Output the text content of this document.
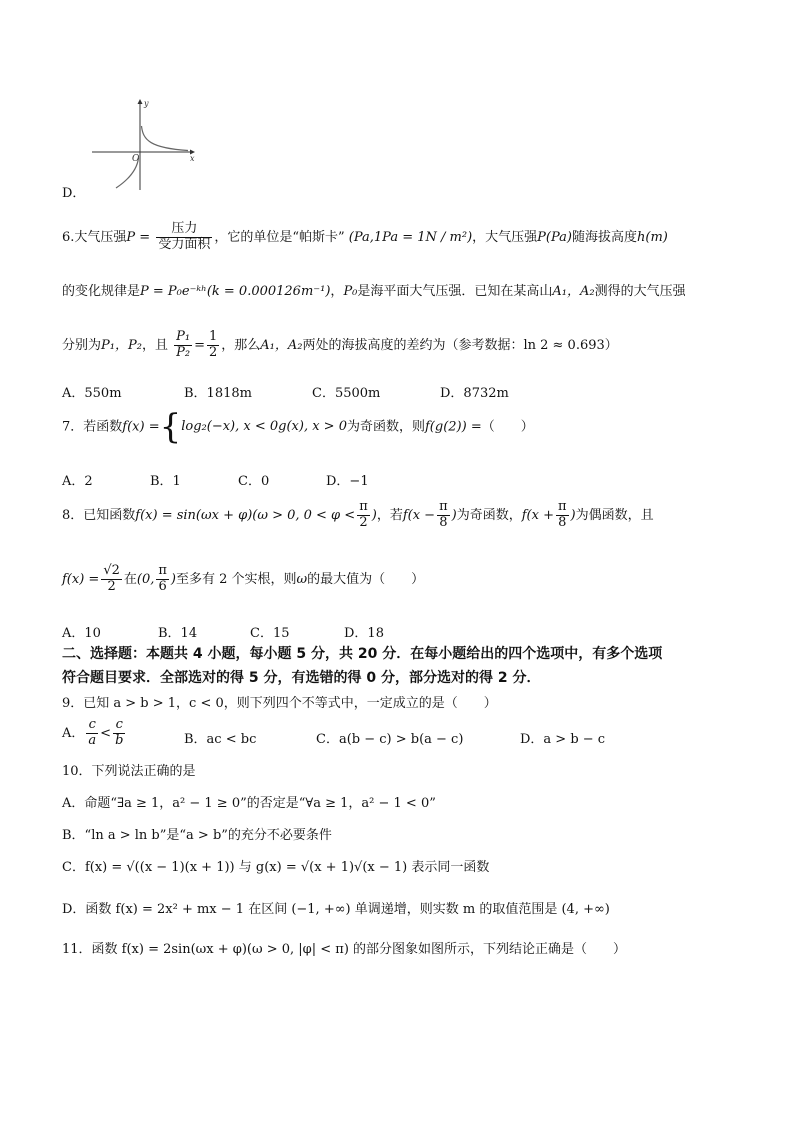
O	x
y
D．
6.大气压强$P = \frac{\text{压力}}{\text{受力面积}}$ ，它的单位是“帕斯卡” (Pa,1Pa = 1N / m²)，大气压强P(Pa)随海拔高度h(m)
的变化规律是P = P₀e⁻ᵏʰ(k = 0.000126m⁻¹)，P₀是海平面大气压强．已知在某高山A₁，A₂测得的大气压强
分别为P₁，P₂，且 $\frac{\text{P₁}}{\text{P₂}} = \frac{1}{2}$ ，那么A₁，A₂两处的海拔高度的差约为（参考数据：ln 2 ≈ 0.693）
A．550m	B．1818m	C．5500m	D．8732m
7．若函数f(x) ={log₂(−x), x < 0g(x), x > 0为奇函数，则f(g(2)) =（　　）
A．2	B．1	C．0	D．−1
8．已知函数f(x) = sin(ωx + φ)(ω > 0, $0 < \varphi < \frac{\pi}{2}$ )，若$f(x - \frac{\pi}{8}$ )为奇函数，$f(x + \frac{\pi}{8}$ )为偶函数，且
$f(x) = \frac{√2}{2}$ 在(0, $\frac{\pi}{6}$ )至多有 2 个实根，则ω的最大值为（　　）
A．10	B．14	C．15	D．18
二、选择题：本题共 4 小题，每小题 5 分，共 20 分．在每小题给出的四个选项中，有多个选项
符合题目要求．全部选对的得 5 分，有选错的得 0 分，部分选对的得 2 分．
9．已知 a > b > 1，c < 0，则下列四个不等式中，一定成立的是（　　）
A． $\frac{c}{a} < \frac{c}{b}$	B．ac < bc	C．a(b − c) > b(a − c)	D．a > b − c
10．下列说法正确的是
A．命题“∃a ≥ 1，a² − 1 ≥ 0”的否定是“∀a ≥ 1，a² − 1 < 0”
B．“ln a > ln b”是“a > b”的充分不必要条件
C．f(x) = √((x − 1)(x + 1)) 与 g(x) = √(x + 1)√(x − 1) 表示同一函数
D．函数 f(x) = 2x² + mx − 1 在区间 (−1, +∞) 单调递增，则实数 m 的取值范围是 (4, +∞)
11．函数 f(x) = 2sin(ωx + φ)(ω > 0, |φ| < π) 的部分图象如图所示，下列结论正确是（　　）
